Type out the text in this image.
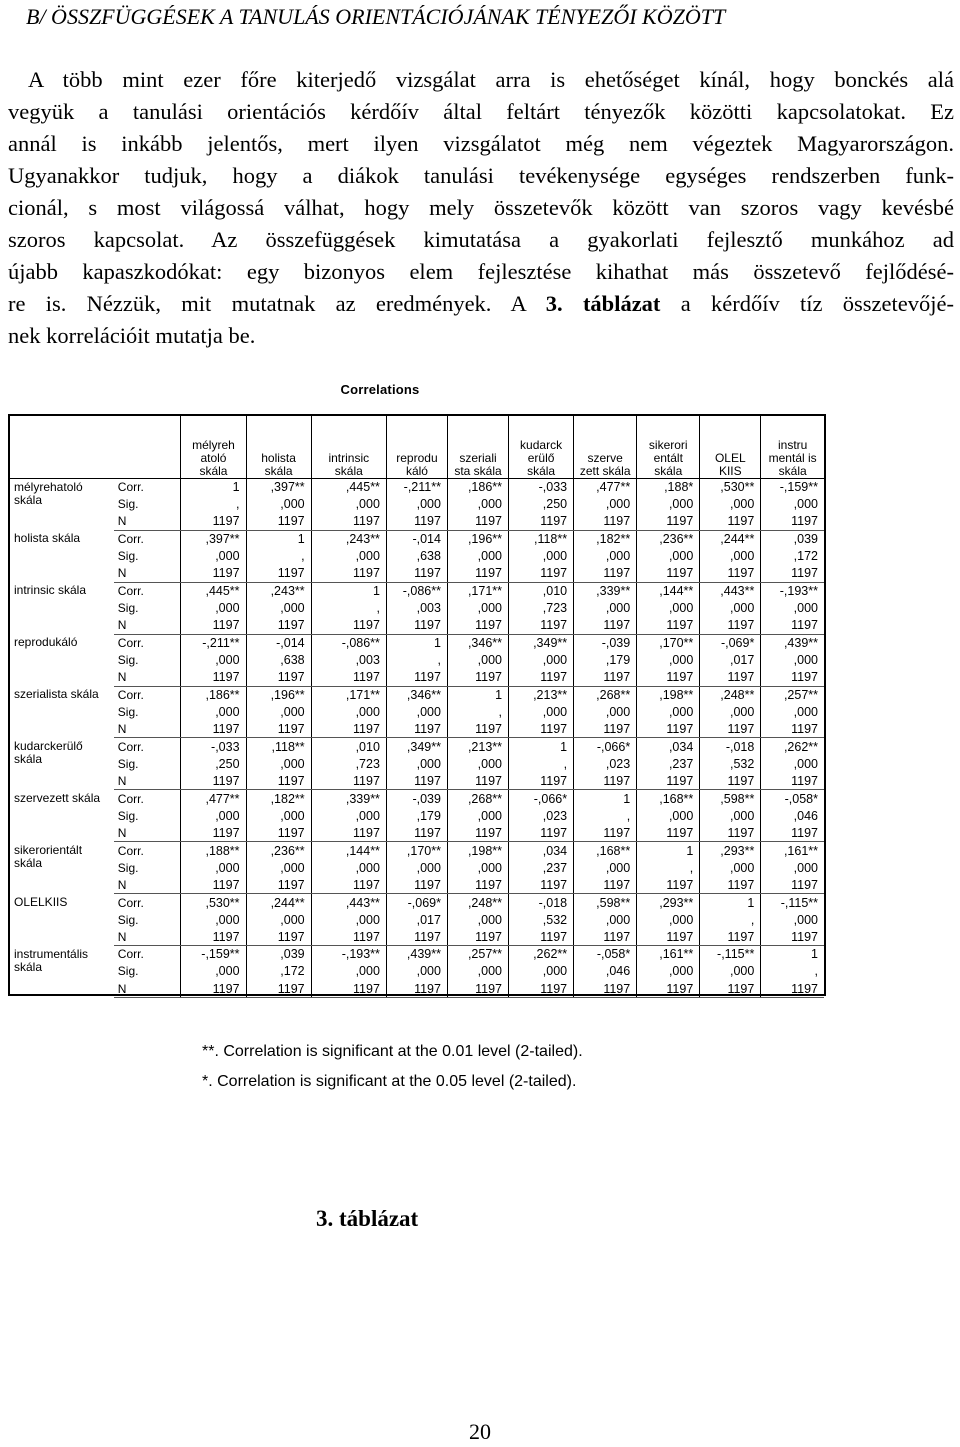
B/ ÖSSZFÜGGÉSEK A TANULÁS ORIENTÁCIÓJÁNAK TÉNYEZŐI KÖZÖTT
A több mint ezer főre kiterjedő vizsgálat arra is ehetőséget kínál, hogy bonckés alá
vegyük a tanulási orientációs kérdőív által feltárt tényezők közötti kapcsolatokat. Ez
annál is inkább jelentős, mert ilyen vizsgálatot még nem végeztek Magyarországon.
Ugyanakkor tudjuk, hogy a diákok tanulási tevékenysége egységes rendszerben funk-
cionál, s most világossá válhat, hogy mely összetevők között van szoros vagy kevésbé
szoros kapcsolat. Az összefüggések kimutatása a gyakorlati fejlesztő munkához ad
újabb kapaszkodókat: egy bizonyos elem fejlesztése kihathat más összetevő fejlődésé-
re is. Nézzük, mit mutatnak az eredmények. A 3. táblázat a kérdőív tíz összetevőjé-
nek korrelációit mutatja be.
Correlations
		mélyreh atoló skála	holista skála	intrinsic skála	reprodu káló	szeriali sta skála	kudarck erülő skála	szerve zett skála	sikerori entált skála	OLEL KIIS	instru mentál is skála
mélyrehatoló skála	Corr.	1	,397**	,445**	-,211**	,186**	-,033	,477**	,188*	,530**	-,159**
	Sig.	,	,000	,000	,000	,000	,250	,000	,000	,000	,000
	N	1197	1197	1197	1197	1197	1197	1197	1197	1197	1197
holista skála	Corr.	,397**	1	,243**	-,014	,196**	,118**	,182**	,236**	,244**	,039
	Sig.	,000	,	,000	,638	,000	,000	,000	,000	,000	,172
	N	1197	1197	1197	1197	1197	1197	1197	1197	1197	1197
intrinsic skála	Corr.	,445**	,243**	1	-,086**	,171**	,010	,339**	,144**	,443**	-,193**
	Sig.	,000	,000	,	,003	,000	,723	,000	,000	,000	,000
	N	1197	1197	1197	1197	1197	1197	1197	1197	1197	1197
reprodukáló	Corr.	-,211**	-,014	-,086**	1	,346**	,349**	-,039	,170**	-,069*	,439**
	Sig.	,000	,638	,003	,	,000	,000	,179	,000	,017	,000
	N	1197	1197	1197	1197	1197	1197	1197	1197	1197	1197
szerialista skála	Corr.	,186**	,196**	,171**	,346**	1	,213**	,268**	,198**	,248**	,257**
	Sig.	,000	,000	,000	,000	,	,000	,000	,000	,000	,000
	N	1197	1197	1197	1197	1197	1197	1197	1197	1197	1197
kudarckerülő skála	Corr.	-,033	,118**	,010	,349**	,213**	1	-,066*	,034	-,018	,262**
	Sig.	,250	,000	,723	,000	,000	,	,023	,237	,532	,000
	N	1197	1197	1197	1197	1197	1197	1197	1197	1197	1197
szervezett skála	Corr.	,477**	,182**	,339**	-,039	,268**	-,066*	1	,168**	,598**	-,058*
	Sig.	,000	,000	,000	,179	,000	,023	,	,000	,000	,046
	N	1197	1197	1197	1197	1197	1197	1197	1197	1197	1197
sikerorientált skála	Corr.	,188**	,236**	,144**	,170**	,198**	,034	,168**	1	,293**	,161**
	Sig.	,000	,000	,000	,000	,000	,237	,000	,	,000	,000
	N	1197	1197	1197	1197	1197	1197	1197	1197	1197	1197
OLELKIIS	Corr.	,530**	,244**	,443**	-,069*	,248**	-,018	,598**	,293**	1	-,115**
	Sig.	,000	,000	,000	,017	,000	,532	,000	,000	,	,000
	N	1197	1197	1197	1197	1197	1197	1197	1197	1197	1197
instrumentális skála	Corr.	-,159**	,039	-,193**	,439**	,257**	,262**	-,058*	,161**	-,115**	1
	Sig.	,000	,172	,000	,000	,000	,000	,046	,000	,000	,
	N	1197	1197	1197	1197	1197	1197	1197	1197	1197	1197
**. Correlation is significant at the 0.01 level (2-tailed).
*. Correlation is significant at the 0.05 level (2-tailed).
3. táblázat
20
